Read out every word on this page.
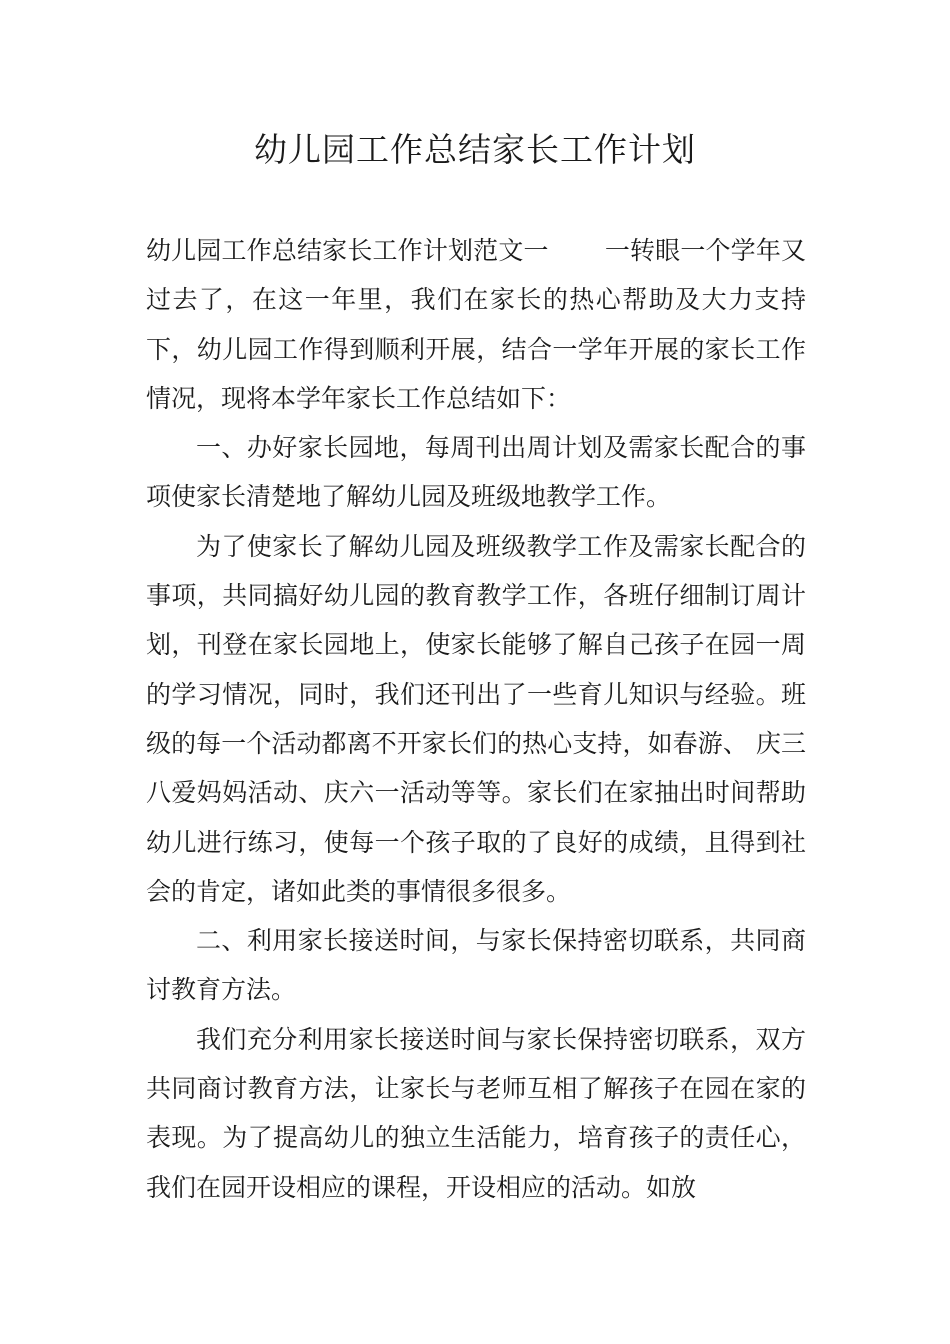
幼儿园工作总结家长工作计划

幼儿园工作总结家长工作计划范文一 一转眼一个学年又过去了，在这一年里，我们在家长的热心帮助及大力支持下，幼儿园工作得到顺利开展，结合一学年开展的家长工作情况，现将本学年家长工作总结如下：

一、办好家长园地，每周刊出周计划及需家长配合的事项使家长清楚地了解幼儿园及班级地教学工作。

为了使家长了解幼儿园及班级教学工作及需家长配合的事项，共同搞好幼儿园的教育教学工作，各班仔细制订周计划，刊登在家长园地上，使家长能够了解自己孩子在园一周的学习情况，同时，我们还刊出了一些育儿知识与经验。班级的每一个活动都离不开家长们的热心支持，如春游、 庆三八爱妈妈活动、庆六一活动等等。家长们在家抽出时间帮助幼儿进行练习，使每一个孩子取的了良好的成绩，且得到社会的肯定，诸如此类的事情很多很多。

二、利用家长接送时间，与家长保持密切联系，共同商讨教育方法。

我们充分利用家长接送时间与家长保持密切联系，双方共同商讨教育方法，让家长与老师互相了解孩子在园在家的表现。为了提高幼儿的独立生活能力，培育孩子的责任心，我们在园开设相应的课程，开设相应的活动。如放
